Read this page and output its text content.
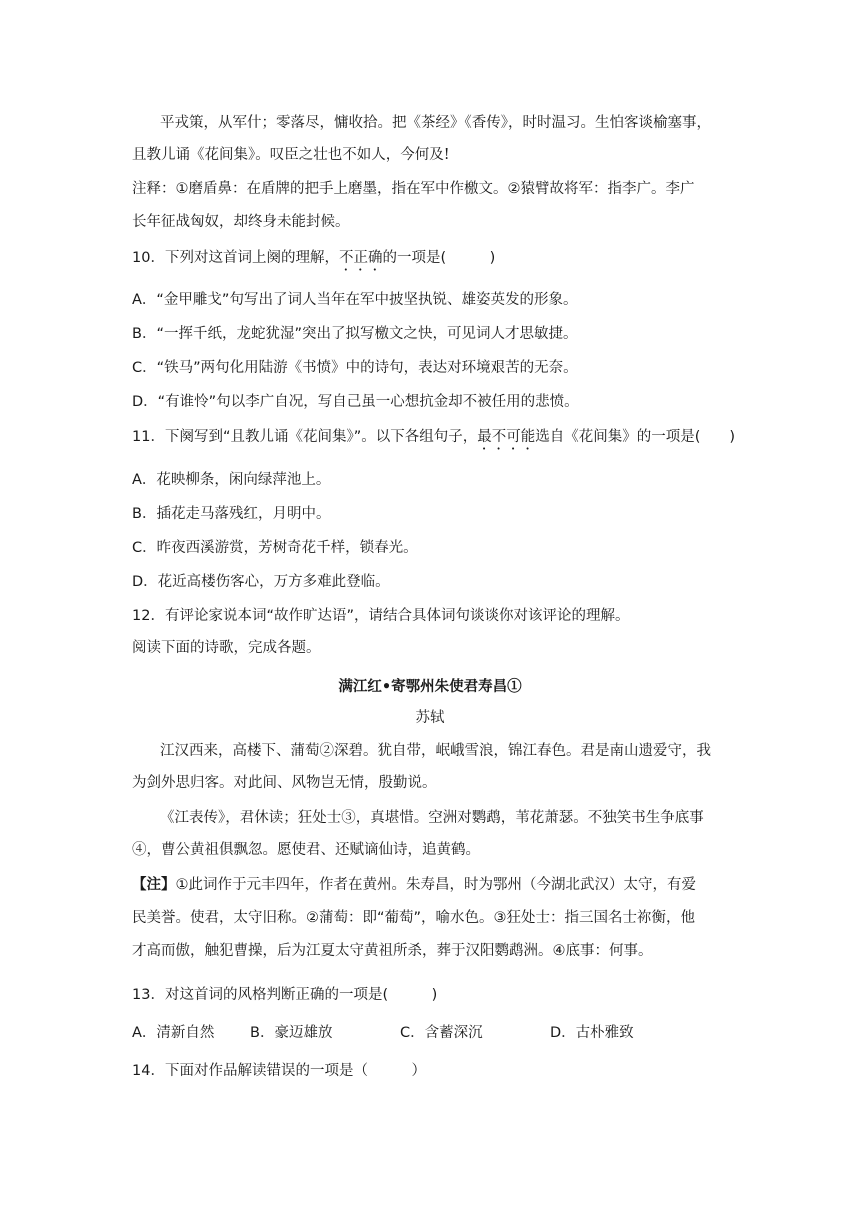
平戎策，从军什；零落尽，慵收拾。把《茶经》《香传》，时时温习。生怕客谈榆塞事，
且教儿诵《花间集》。叹臣之壮也不如人，今何及!
注释：①磨盾鼻：在盾牌的把手上磨墨，指在军中作檄文。②猿臂故将军：指李广。李广
长年征战匈奴，却终身未能封候。
10．下列对这首词上阕的理解，不正确的一项是(　　　)
A．“金甲雕戈”句写出了词人当年在军中披坚执锐、雄姿英发的形象。
B．“一挥千纸，龙蛇犹湿”突出了拟写檄文之快，可见词人才思敏捷。
C．“铁马”两句化用陆游《书愤》中的诗句，表达对环境艰苦的无奈。
D．“有谁怜”句以李广自况，写自己虽一心想抗金却不被任用的悲愤。
11．下阕写到“且教儿诵《花间集》”。以下各组句子，最不可能选自《花间集》的一项是(　　)
A．花映柳条，闲向绿萍池上。
B．插花走马落残红，月明中。
C．昨夜西溪游赏，芳树奇花千样，锁春光。
D．花近高楼伤客心，万方多难此登临。
12．有评论家说本词“故作旷达语”，请结合具体词句谈谈你对该评论的理解。
阅读下面的诗歌，完成各题。
满江红•寄鄂州朱使君寿昌①
苏轼
江汉西来，高楼下、蒲萄②深碧。犹自带，岷峨雪浪，锦江春色。君是南山遗爱守，我
为剑外思归客。对此间、风物岂无情，殷勤说。
《江表传》，君休读；狂处士③，真堪惜。空洲对鹦鹉，苇花萧瑟。不独笑书生争底事
④，曹公黄祖俱飘忽。愿使君、还赋谪仙诗，追黄鹤。
【注】①此词作于元丰四年，作者在黄州。朱寿昌，时为鄂州（今湖北武汉）太守，有爱
民美誉。使君，太守旧称。②蒲萄：即“葡萄”，喻水色。③狂处士：指三国名士祢衡，他
才高而傲，触犯曹操，后为江夏太守黄祖所杀，葬于汉阳鹦鹉洲。④底事：何事。
13．对这首词的风格判断正确的一项是(　　　)
A．清新自然	B．豪迈雄放	C．含蓄深沉	D．古朴雅致
14．下面对作品解读错误的一项是（　　　）
